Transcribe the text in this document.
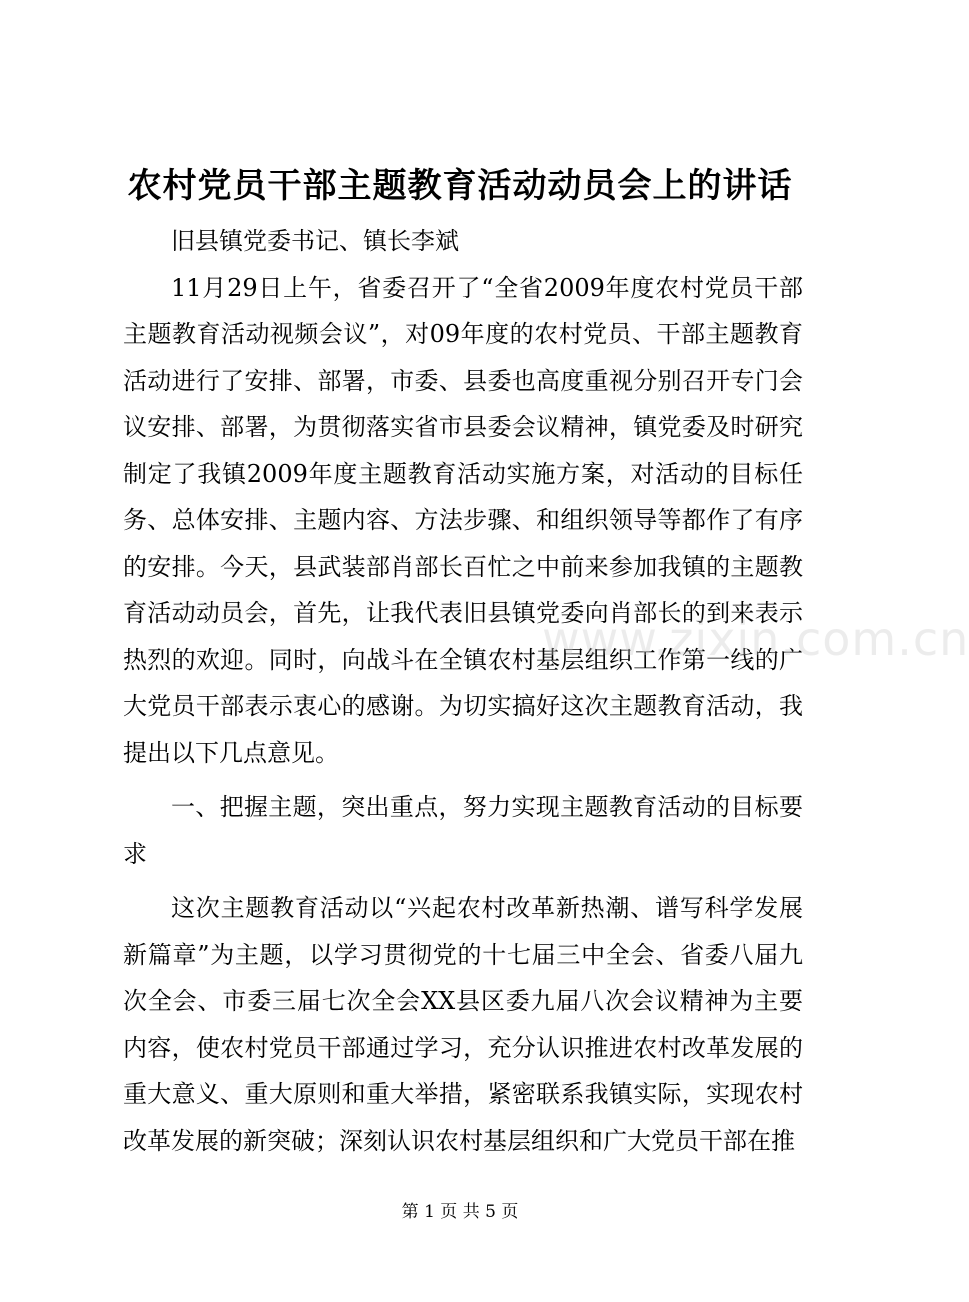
农村党员干部主题教育活动动员会上的讲话

旧县镇党委书记、镇长李斌

11月29日上午，省委召开了“全省2009年度农村党员干部主题教育活动视频会议”，对09年度的农村党员、干部主题教育活动进行了安排、部署，市委、县委也高度重视分别召开专门会议安排、部署，为贯彻落实省市县委会议精神，镇党委及时研究制定了我镇2009年度主题教育活动实施方案，对活动的目标任务、总体安排、主题内容、方法步骤、和组织领导等都作了有序的安排。今天，县武装部肖部长百忙之中前来参加我镇的主题教育活动动员会，首先，让我代表旧县镇党委向肖部长的到来表示热烈的欢迎。同时，向战斗在全镇农村基层组织工作第一线的广大党员干部表示衷心的感谢。为切实搞好这次主题教育活动，我提出以下几点意见。

一、把握主题，突出重点，努力实现主题教育活动的目标要求

这次主题教育活动以“兴起农村改革新热潮、谱写科学发展新篇章”为主题，以学习贯彻党的十七届三中全会、省委八届九次全会、市委三届七次全会XX县区委九届八次会议精神为主要内容，使农村党员干部通过学习，充分认识推进农村改革发展的重大意义、重大原则和重大举措，紧密联系我镇实际，实现农村改革发展的新突破；深刻认识农村基层组织和广大党员干部在推

www.zixin.com.cn
第 1 页 共 5 页
